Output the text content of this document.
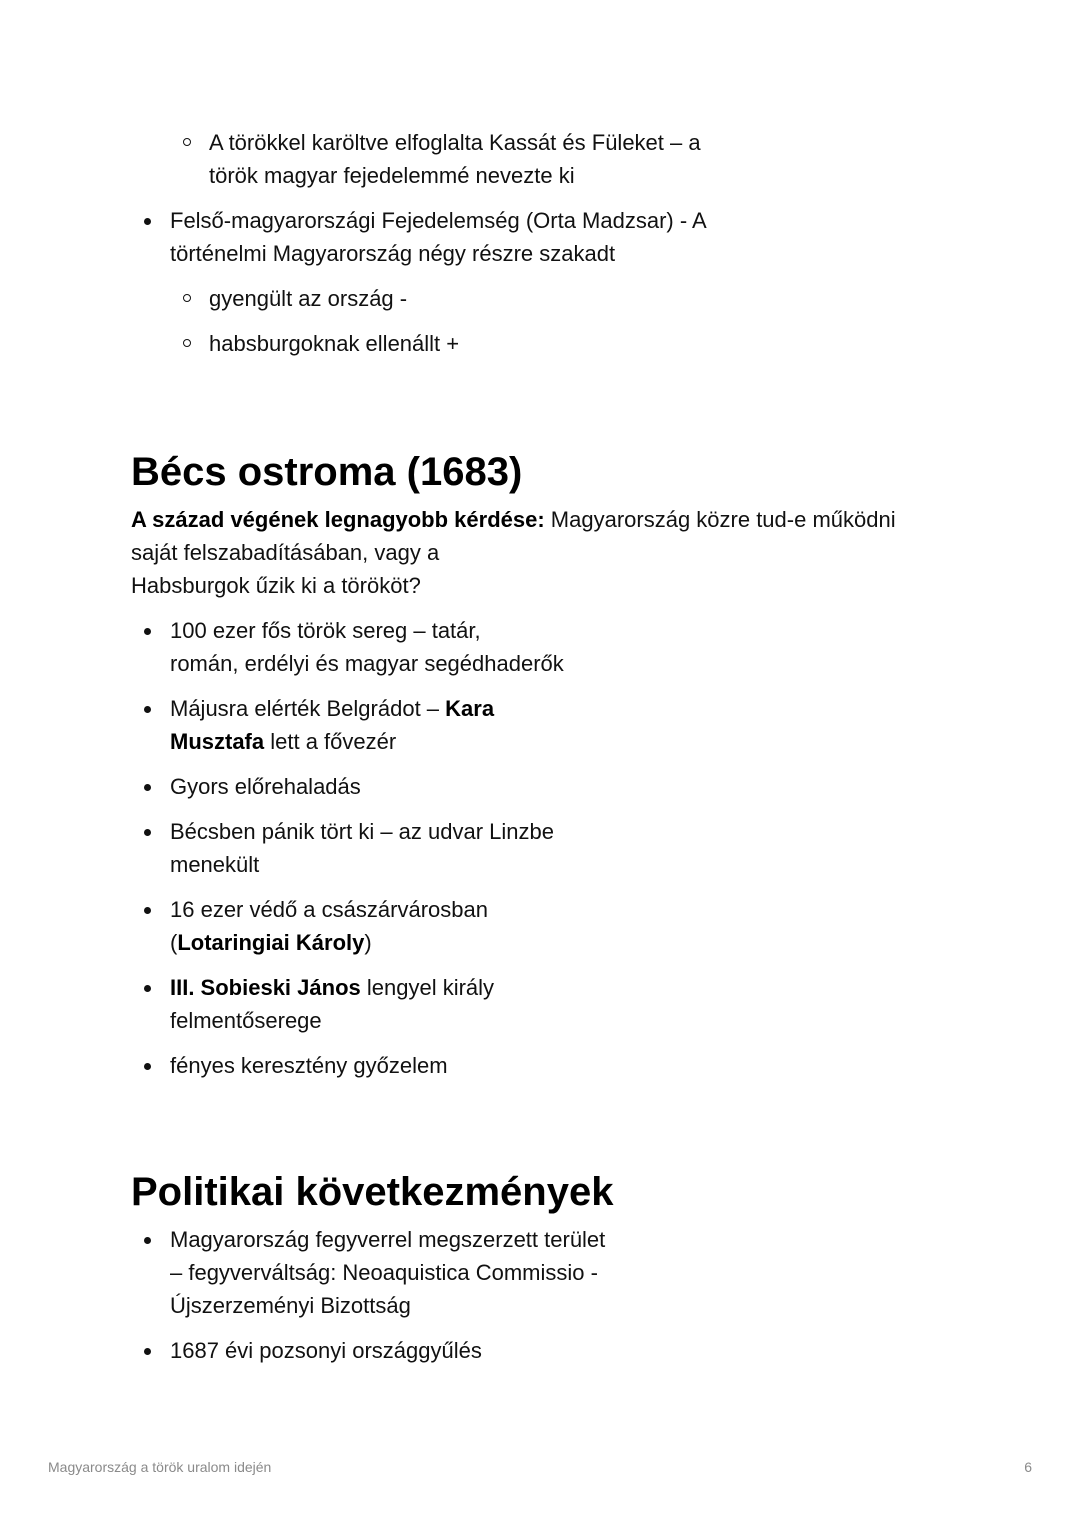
A törökkel karöltve elfoglalta Kassát és Füleket – a
török magyar fejedelemmé nevezte ki
Felső-magyarországi Fejedelemség (Orta Madzsar) - A
történelmi Magyarország négy részre szakadt
gyengült az ország -
habsburgoknak ellenállt +
Bécs ostroma (1683)
A század végének legnagyobb kérdése: Magyarország közre tud-e működni
saját felszabadításában, vagy a
Habsburgok űzik ki a törököt?
100 ezer fős török sereg – tatár,
román, erdélyi és magyar segédhaderők
Májusra elérték Belgrádot – Kara
Musztafa lett a fővezér
Gyors előrehaladás
Bécsben pánik tört ki – az udvar Linzbe
menekült
16 ezer védő a császárvárosban
(Lotaringiai Károly)
III. Sobieski János lengyel király
felmentőserege
fényes keresztény győzelem
Politikai következmények
Magyarország fegyverrel megszerzett terület
– fegyverváltság: Neoaquistica Commissio -
Újszerzeményi Bizottság
1687 évi pozsonyi országgyűlés
Magyarország a török uralom idején	6
